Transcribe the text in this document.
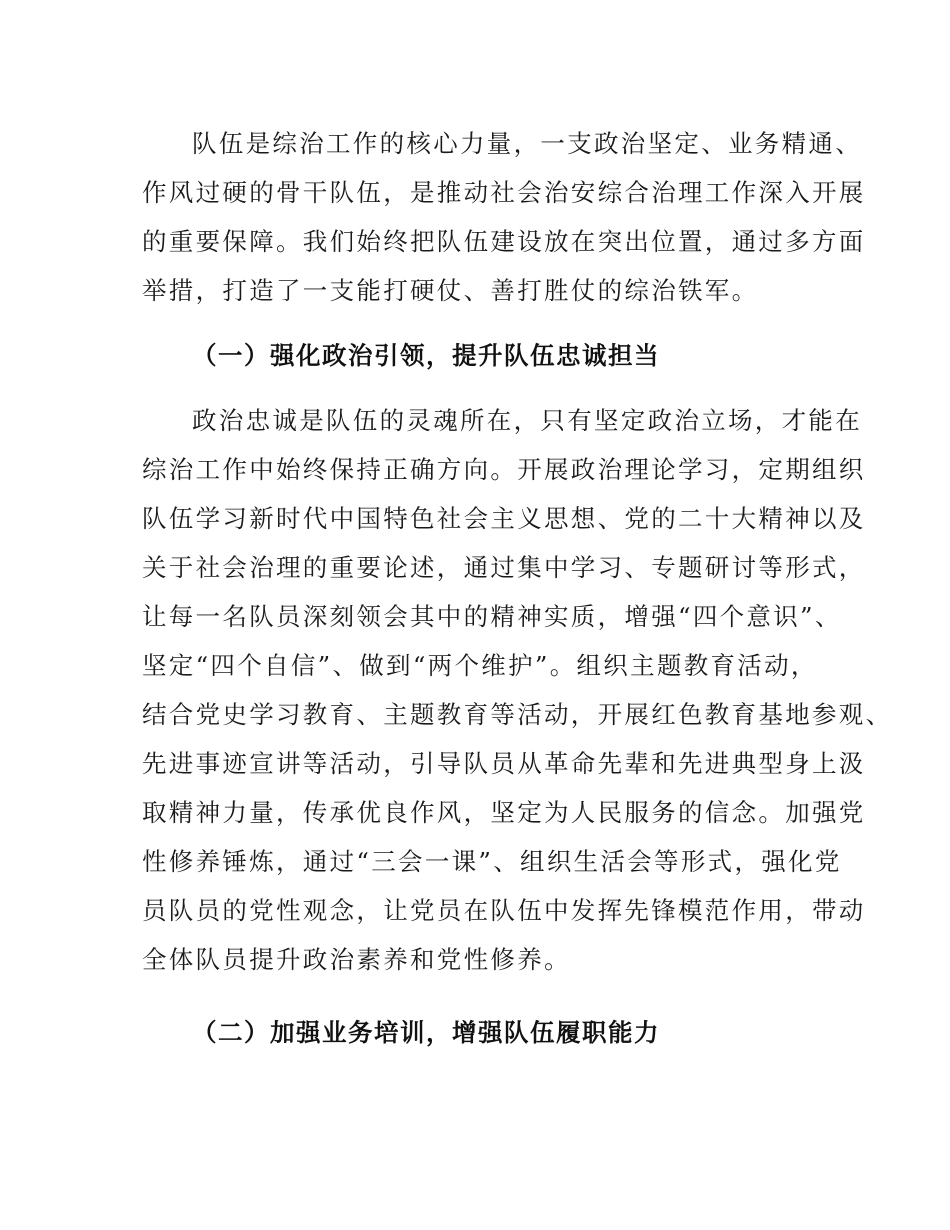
队伍是综治工作的核心力量，一支政治坚定、业务精通、

作风过硬的骨干队伍，是推动社会治安综合治理工作深入开展

的重要保障。我们始终把队伍建设放在突出位置，通过多方面

举措，打造了一支能打硬仗、善打胜仗的综治铁军。

（一）强化政治引领，提升队伍忠诚担当

政治忠诚是队伍的灵魂所在，只有坚定政治立场，才能在

综治工作中始终保持正确方向。开展政治理论学习，定期组织

队伍学习新时代中国特色社会主义思想、党的二十大精神以及

关于社会治理的重要论述，通过集中学习、专题研讨等形式，

让每一名队员深刻领会其中的精神实质，增强“四个意识”、

坚定“四个自信”、做到“两个维护”。组织主题教育活动，

结合党史学习教育、主题教育等活动，开展红色教育基地参观、

先进事迹宣讲等活动，引导队员从革命先辈和先进典型身上汲

取精神力量，传承优良作风，坚定为人民服务的信念。加强党

性修养锤炼，通过“三会一课”、组织生活会等形式，强化党

员队员的党性观念，让党员在队伍中发挥先锋模范作用，带动

全体队员提升政治素养和党性修养。

（二）加强业务培训，增强队伍履职能力
